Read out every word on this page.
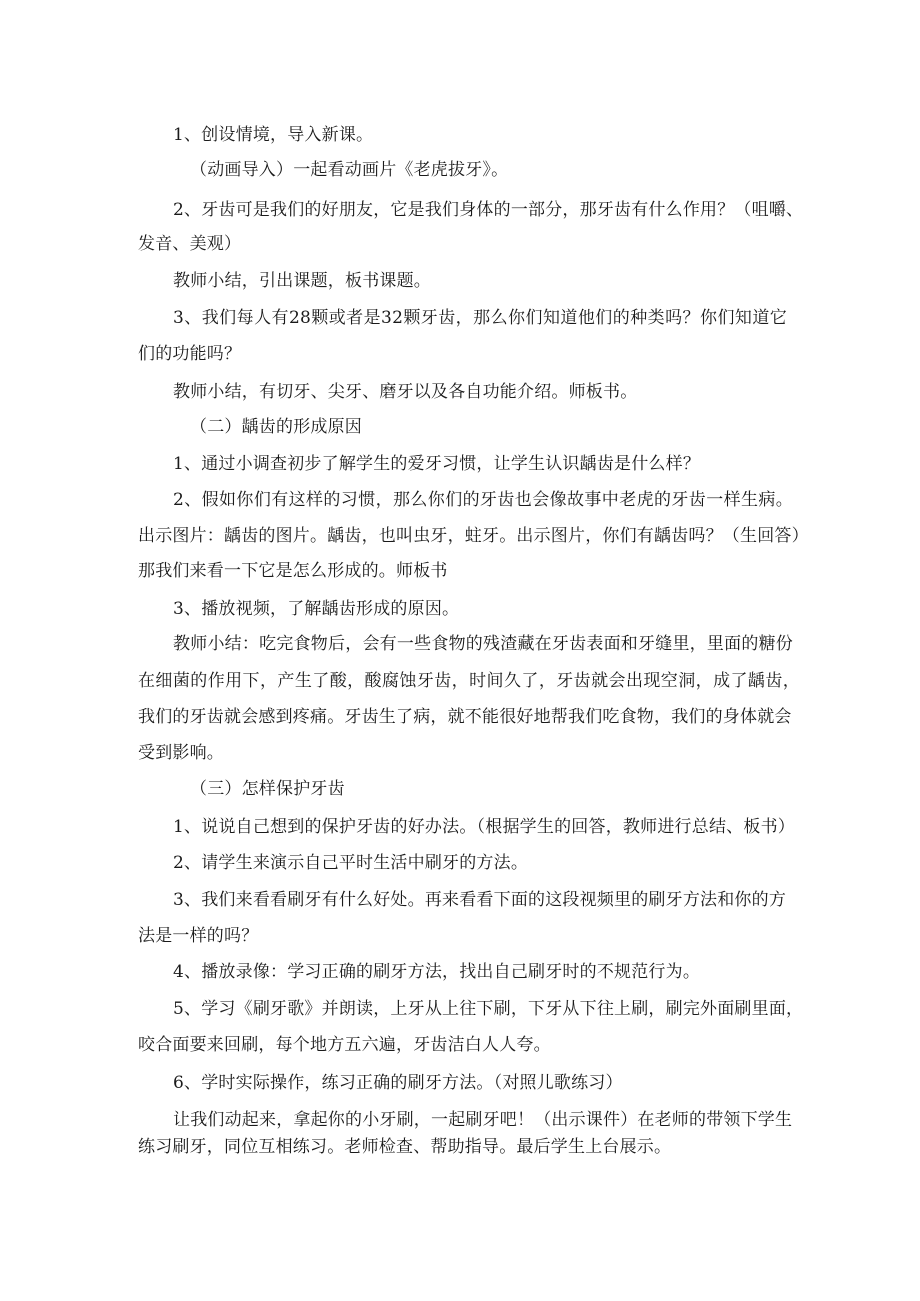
1、创设情境，导入新课。
（动画导入）一起看动画片《老虎拔牙》。
2、牙齿可是我们的好朋友，它是我们身体的一部分，那牙齿有什么作用？（咀嚼、
发音、美观）
教师小结，引出课题，板书课题。
3、我们每人有28颗或者是32颗牙齿，那么你们知道他们的种类吗？你们知道它
们的功能吗？
教师小结，有切牙、尖牙、磨牙以及各自功能介绍。师板书。
（二）龋齿的形成原因
1、通过小调查初步了解学生的爱牙习惯，让学生认识龋齿是什么样？
2、假如你们有这样的习惯，那么你们的牙齿也会像故事中老虎的牙齿一样生病。
出示图片：龋齿的图片。龋齿，也叫虫牙，蛀牙。出示图片，你们有龋齿吗？（生回答）
那我们来看一下它是怎么形成的。师板书
3、播放视频，了解龋齿形成的原因。
教师小结：吃完食物后，会有一些食物的残渣藏在牙齿表面和牙缝里，里面的糖份
在细菌的作用下，产生了酸，酸腐蚀牙齿，时间久了，牙齿就会出现空洞，成了龋齿，
我们的牙齿就会感到疼痛。牙齿生了病，就不能很好地帮我们吃食物，我们的身体就会
受到影响。
（三）怎样保护牙齿
1、说说自己想到的保护牙齿的好办法。（根据学生的回答，教师进行总结、板书）
2、请学生来演示自己平时生活中刷牙的方法。
3、我们来看看刷牙有什么好处。再来看看下面的这段视频里的刷牙方法和你的方
法是一样的吗？
4、播放录像：学习正确的刷牙方法，找出自己刷牙时的不规范行为。
5、学习《刷牙歌》并朗读，上牙从上往下刷，下牙从下往上刷，刷完外面刷里面，
咬合面要来回刷，每个地方五六遍，牙齿洁白人人夸。
6、学时实际操作，练习正确的刷牙方法。（对照儿歌练习）
让我们动起来，拿起你的小牙刷，一起刷牙吧！（出示课件）在老师的带领下学生
练习刷牙，同位互相练习。老师检查、帮助指导。最后学生上台展示。
